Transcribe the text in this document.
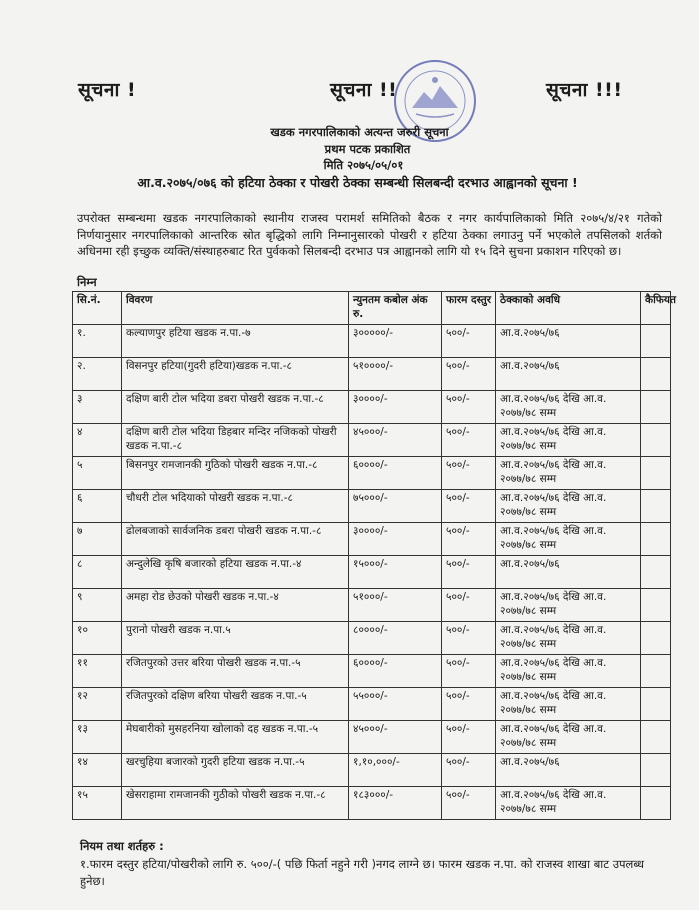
सूचना !	सूचना !!	सूचना !!!
खडक नगरपालिकाको अत्यन्त जरुरी सूचना
प्रथम पटक प्रकाशित
मिति २०७५/०५/०१
आ.व.२०७५/०७६ को हटिया ठेक्का र पोखरी ठेक्का सम्बन्धी सिलबन्दी दरभाउ आह्वानको सूचना !
उपरोक्त सम्बन्धमा खडक नगरपालिकाको स्थानीय राजस्व परामर्श समितिको बैठक र नगर कार्यपालिकाको मिति २०७५/४/२१ गतेको निर्णयानुसार नगरपालिकाको आन्तरिक स्रोत बृद्धिको लागि निम्नानुसारको पोखरी र हटिया ठेक्का लगाउनु पर्ने भएकोले तपसिलको शर्तको अधिनमा रही इच्छुक व्यक्ति/संस्थाहरुबाट रित पुर्वकको सिलबन्दी दरभाउ पत्र आह्वानको लागि यो १५ दिने सुचना प्रकाशन गरिएको छ।
निम्न
सि.नं.	विवरण	न्युनतम कबोल अंक रु.	फारम दस्तुर	ठेक्काको अवधि	कैफियत
१.	कल्याणपुर हटिया खडक न.पा.-७	३०००००/-	५००/-	आ.व.२०७५/७६	
२.	विसनपुर हटिया(गुदरी हटिया)खडक न.पा.-८	५१००००/-	५००/-	आ.व.२०७५/७६	
३	दक्षिण बारी टोल भदिया डबरा पोखरी खडक न.पा.-८	३००००/-	५००/-	आ.व.२०७५/७६ देखि आ.व. २०७७/७८ सम्म	
४	दक्षिण बारी टोल भदिया डिहबार मन्दिर नजिकको पोखरी खडक न.पा.-८	४५०००/-	५००/-	आ.व.२०७५/७६ देखि आ.व. २०७७/७८ सम्म	
५	बिसनपुर रामजानकी गुठिको पोखरी खडक न.पा.-८	६००००/-	५००/-	आ.व.२०७५/७६ देखि आ.व. २०७७/७८ सम्म	
६	चौधरी टोल भदियाको पोखरी खडक न.पा.-८	७५०००/-	५००/-	आ.व.२०७५/७६ देखि आ.व. २०७७/७८ सम्म	
७	ढोलबजाको सार्वजनिक डबरा पोखरी खडक न.पा.-८	३००००/-	५००/-	आ.व.२०७५/७६ देखि आ.व. २०७७/७८ सम्म	
८	अन्दुलेखि कृषि बजारको हटिया खडक न.पा.-४	१५०००/-	५००/-	आ.व.२०७५/७६	
९	अमहा रोड छेउको पोखरी खडक न.पा.-४	५१०००/-	५००/-	आ.व.२०७५/७६ देखि आ.व. २०७७/७८ सम्म	
१०	पुरानो पोखरी खडक न.पा.५	८००००/-	५००/-	आ.व.२०७५/७६ देखि आ.व. २०७७/७८ सम्म	
११	रजितपुरको उत्तर बरिया पोखरी खडक न.पा.-५	६००००/-	५००/-	आ.व.२०७५/७६ देखि आ.व. २०७७/७८ सम्म	
१२	रजितपुरको दक्षिण बरिया पोखरी खडक न.पा.-५	५५०००/-	५००/-	आ.व.२०७५/७६ देखि आ.व. २०७७/७८ सम्म	
१३	मेघबारीको मुसहरनिया खोलाको दह खडक न.पा.-५	४५०००/-	५००/-	आ.व.२०७५/७६ देखि आ.व. २०७७/७८ सम्म	
१४	खरचुहिया बजारको गुदरी हटिया खडक न.पा.-५	१,१०,०००/-	५००/-	आ.व.२०७५/७६	
१५	खेसराहामा रामजानकी गुठीको पोखरी खडक न.पा.-८	१८३०००/-	५००/-	आ.व.२०७५/७६ देखि आ.व. २०७७/७८ सम्म	
नियम तथा शर्तहरु :
१.फारम दस्तुर हटिया/पोखरीको लागि रु. ५००/-( पछि फिर्ता नहुने गरी )नगद लाग्ने छ। फारम खडक न.पा. को राजस्व शाखा बाट उपलब्ध हुनेछ।
